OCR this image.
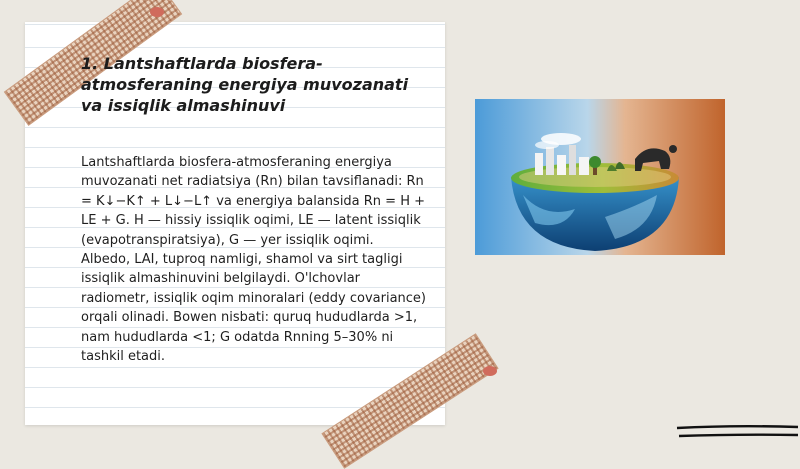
1. Lantshaftlarda biosfera-atmosferaning energiya muvozanati va issiqlik almashinuvi

Lantshaftlarda biosfera-atmosferaning energiya muvozanati net radiatsiya (Rn) bilan tavsiflanadi: Rn = K↓−K↑ + L↓−L↑ va energiya balansida Rn = H + LE + G. H — hissiy issiqlik oqimi, LE — latent issiqlik (evapotranspiratsiya), G — yer issiqlik oqimi. Albedo, LAI, tuproq namligi, shamol va sirt tagligi issiqlik almashinuvini belgilaydi. O'lchovlar radiometr, issiqlik oqim minoralari (eddy covariance) orqali olinadi. Bowen nisbati: quruq hududlarda >1, nam hududlarda <1; G odatda Rnning 5–30% ni tashkil etadi.
